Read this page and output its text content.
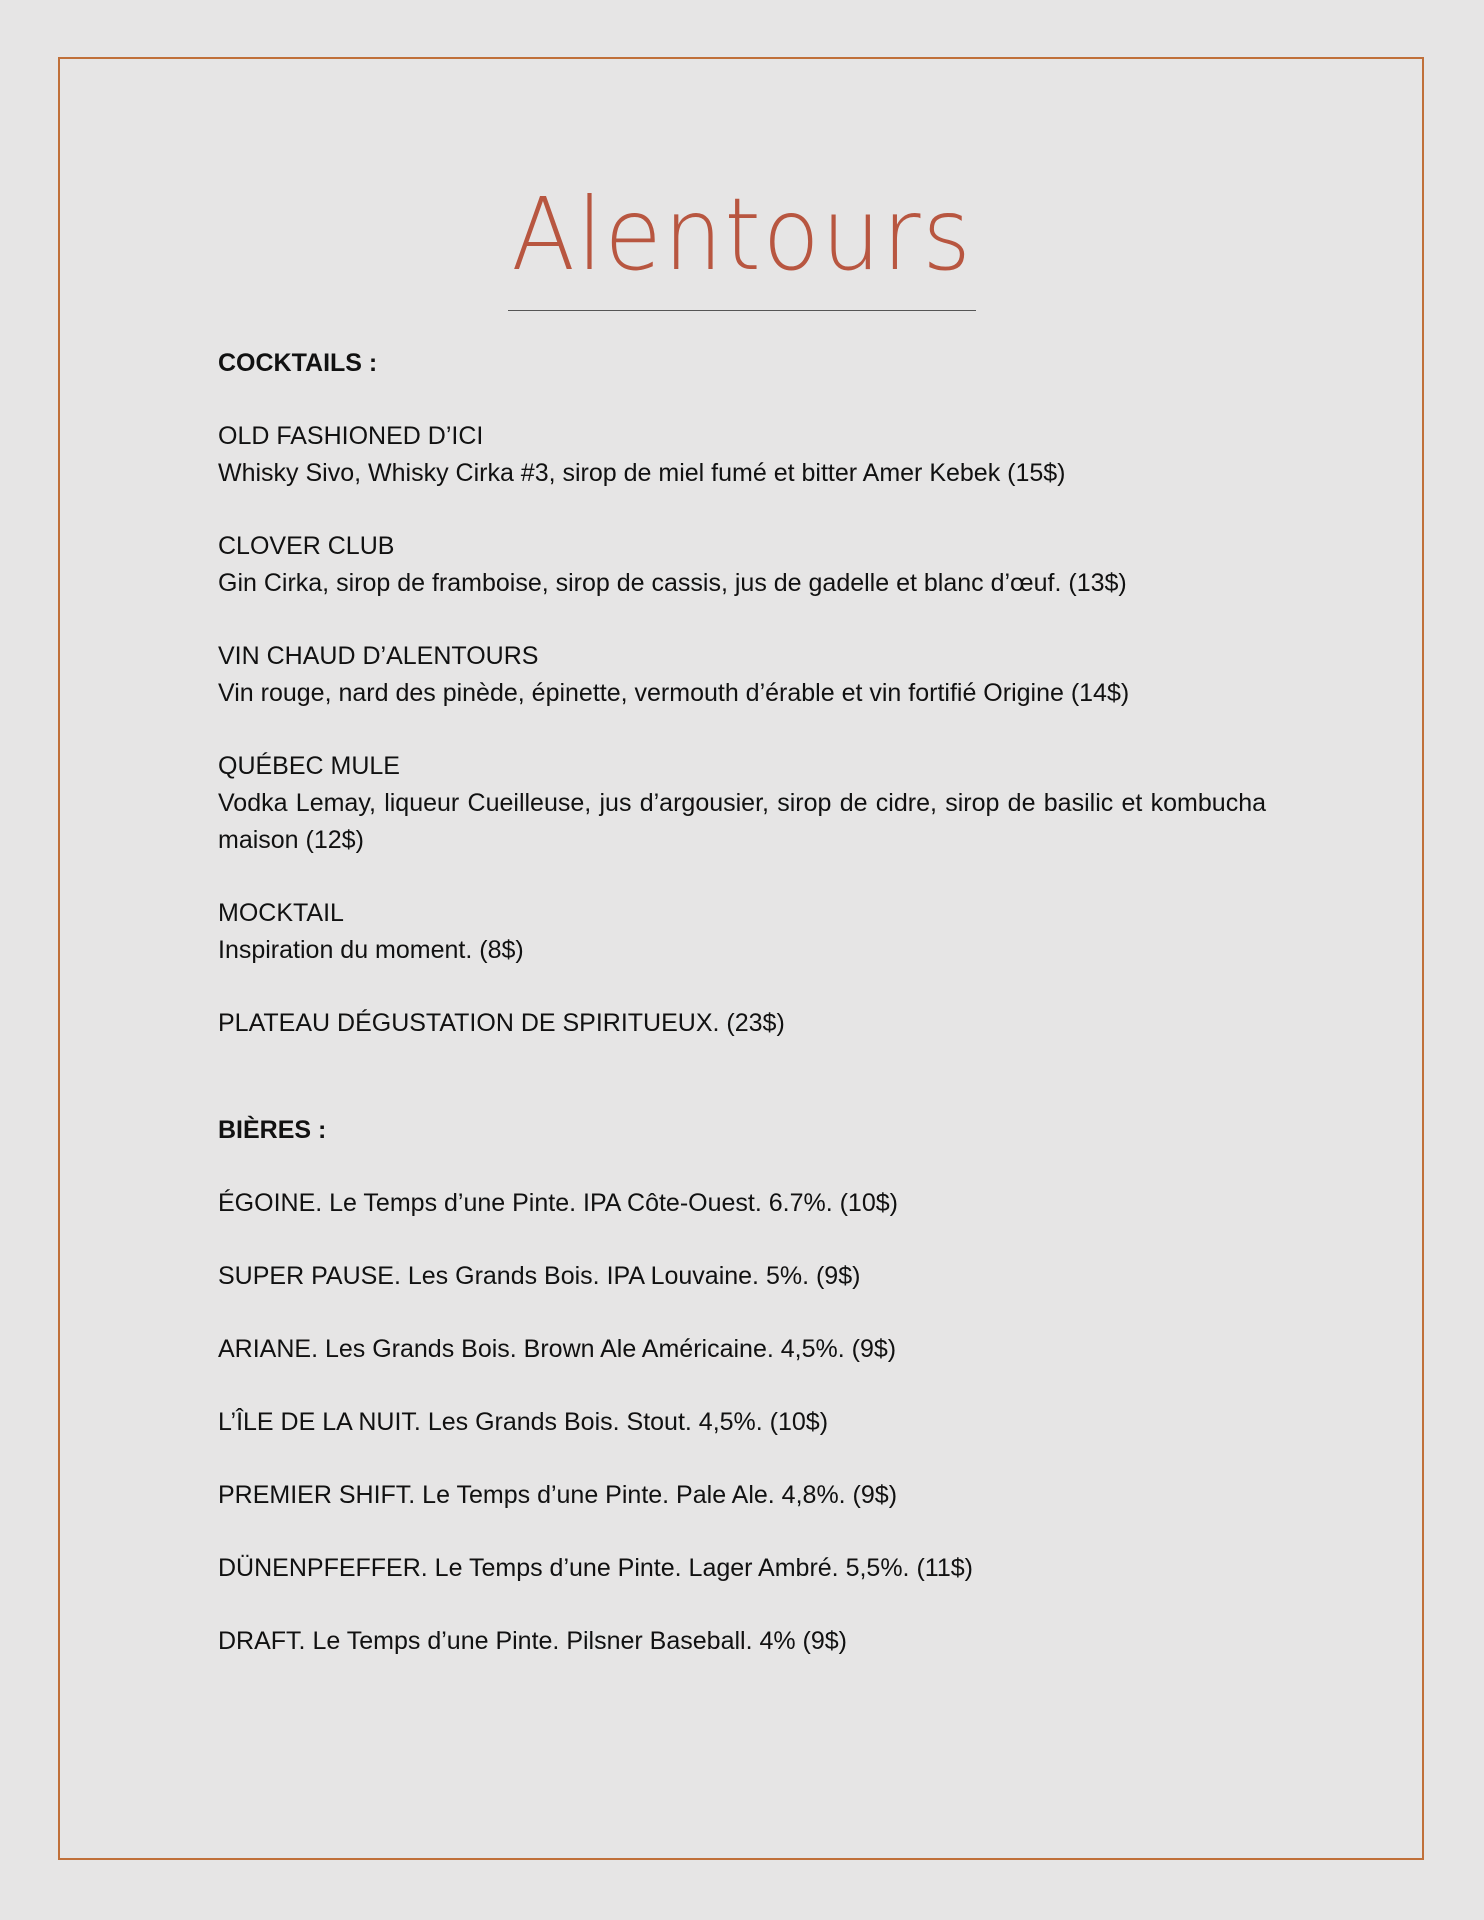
Alentours
COCKTAILS :
OLD FASHIONED D’ICI
Whisky Sivo, Whisky Cirka #3, sirop de miel fumé et bitter Amer Kebek (15$)
CLOVER CLUB
Gin Cirka, sirop de framboise, sirop de cassis, jus de gadelle et blanc d’œuf. (13$)
VIN CHAUD D’ALENTOURS
Vin rouge, nard des pinède, épinette, vermouth d’érable et vin fortifié Origine (14$)
QUÉBEC MULE
Vodka Lemay, liqueur Cueilleuse, jus d’argousier, sirop de cidre, sirop de basilic et kombucha maison (12$)
MOCKTAIL
Inspiration du moment. (8$)
PLATEAU DÉGUSTATION DE SPIRITUEUX. (23$)
BIÈRES :
ÉGOINE. Le Temps d’une Pinte. IPA Côte-Ouest. 6.7%. (10$)
SUPER PAUSE. Les Grands Bois. IPA Louvaine. 5%. (9$)
ARIANE. Les Grands Bois. Brown Ale Américaine. 4,5%. (9$)
L’ÎLE DE LA NUIT. Les Grands Bois. Stout. 4,5%. (10$)
PREMIER SHIFT. Le Temps d’une Pinte. Pale Ale. 4,8%. (9$)
DÜNENPFEFFER. Le Temps d’une Pinte. Lager Ambré. 5,5%. (11$)
DRAFT. Le Temps d’une Pinte. Pilsner Baseball. 4% (9$)
